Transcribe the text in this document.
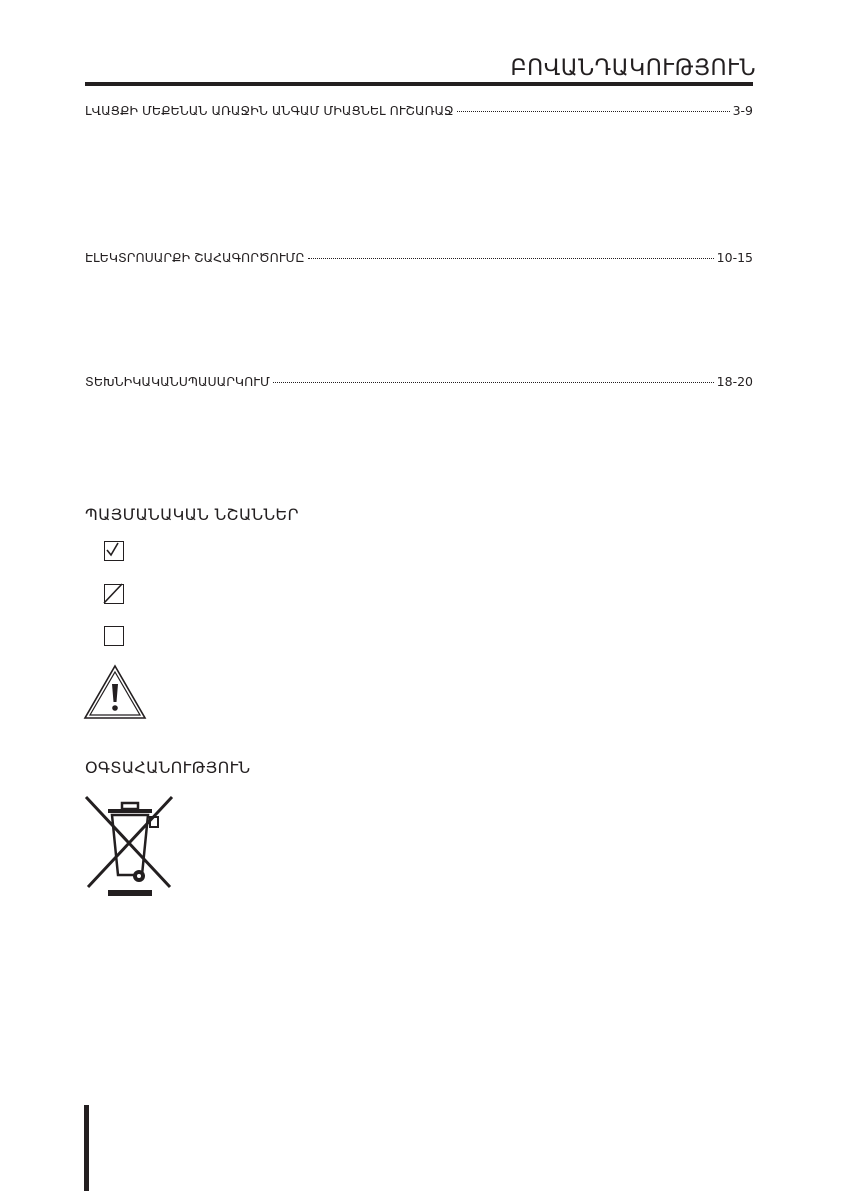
ԲՈՎԱՆԴԱԿՈՒԹՅՈՒՆ
ԼՎԱՑՔԻ ՄԵՔԵՆԱՆ ԱՌԱՋԻՆ ԱՆԳԱՄ ՄԻԱՑՆԵԼ ՈՒՇԱՌԱՋ	3-9
ԷԼԵԿՏՐՈՍԱՐՔԻ ՇԱՀԱԳՈՐԾՈՒՄԸ	10-15
ՏԵԽՆԻԿԱԿԱՆՍՊԱՍԱՐԿՈՒՄ	18-20
ՊԱՅՄԱՆԱԿԱՆ ՆՇԱՆՆԵՐ
ՕԳՏԱՀԱՆՈՒԹՅՈՒՆ
